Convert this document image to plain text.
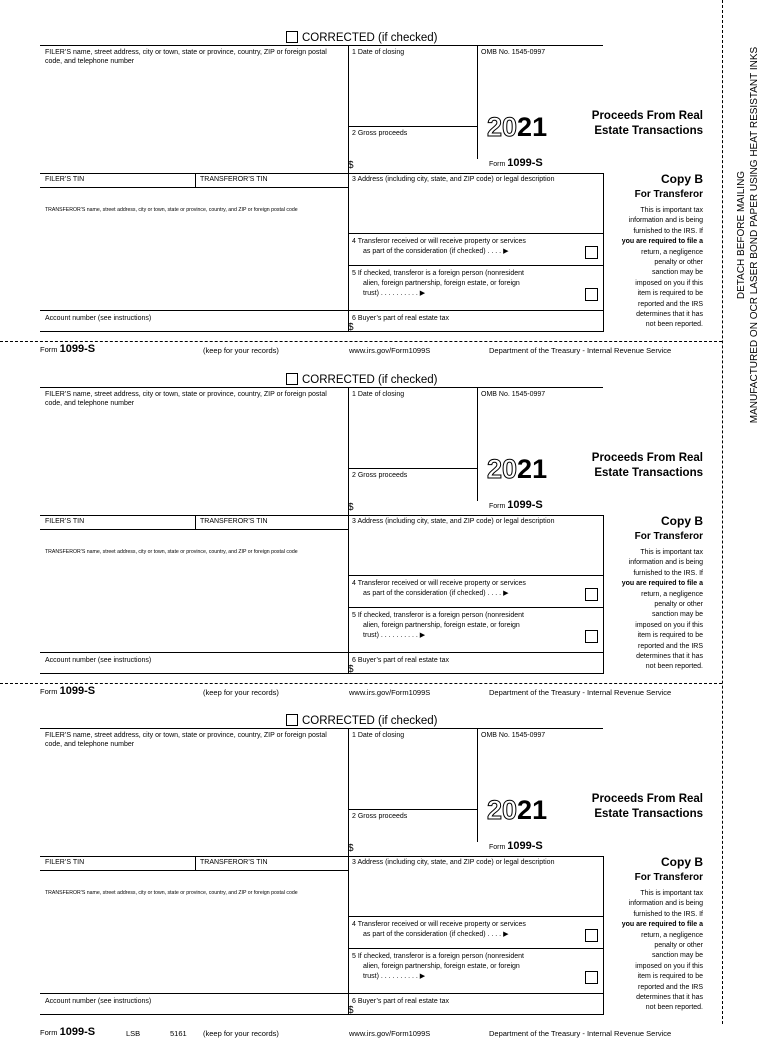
DETACH BEFORE MAILING MANUFACTURED ON OCR LASER BOND PAPER USING HEAT RESISTANT INKS
CORRECTED (if checked)
FILER’S name, street address, city or town, state or province, country, ZIP or foreign postal code, and telephone number
1 Date of closing	OMB No. 1545-0997
2 Gross proceeds
$
FILER’S TIN	TRANSFEROR’S TIN	3 Address (including city, state, and ZIP code) or legal description
TRANSFEROR’S name, street address, city or town, state or province, country, and ZIP or foreign postal code
4 Transferor received or will receive property or services
as part of the consideration (if checked) . . . . ▶
5 If checked, transferor is a foreign person (nonresident
alien, foreign partnership, foreign estate, or foreign
trust) . . . . . . . . . . ▶
Account number (see instructions)	6 Buyer’s part of real estate tax
$
2021
Form 1099-S
Proceeds From Real
Estate Transactions
Copy B
For Transferor
This is important tax
information and is being
furnished to the IRS. If
you are required to file a
return, a negligence
penalty or other
sanction may be
imposed on you if this
item is required to be
reported and the IRS
determines that it has
not been reported.
Form 1099-S	(keep for your records)	www.irs.gov/Form1099S	Department of the Treasury - Internal Revenue Service
CORRECTED (if checked)
FILER’S name, street address, city or town, state or province, country, ZIP or foreign postal code, and telephone number
1 Date of closing	OMB No. 1545-0997
2 Gross proceeds
$
FILER’S TIN	TRANSFEROR’S TIN	3 Address (including city, state, and ZIP code) or legal description
TRANSFEROR’S name, street address, city or town, state or province, country, and ZIP or foreign postal code
4 Transferor received or will receive property or services
as part of the consideration (if checked) . . . . ▶
5 If checked, transferor is a foreign person (nonresident
alien, foreign partnership, foreign estate, or foreign
trust) . . . . . . . . . . ▶
Account number (see instructions)	6 Buyer’s part of real estate tax
$
2021
Form 1099-S
Proceeds From Real
Estate Transactions
Copy B
For Transferor
This is important tax
information and is being
furnished to the IRS. If
you are required to file a
return, a negligence
penalty or other
sanction may be
imposed on you if this
item is required to be
reported and the IRS
determines that it has
not been reported.
Form 1099-S	(keep for your records)	www.irs.gov/Form1099S	Department of the Treasury - Internal Revenue Service
CORRECTED (if checked)
FILER’S name, street address, city or town, state or province, country, ZIP or foreign postal code, and telephone number
1 Date of closing	OMB No. 1545-0997
2 Gross proceeds
$
FILER’S TIN	TRANSFEROR’S TIN	3 Address (including city, state, and ZIP code) or legal description
TRANSFEROR’S name, street address, city or town, state or province, country, and ZIP or foreign postal code
4 Transferor received or will receive property or services
as part of the consideration (if checked) . . . . ▶
5 If checked, transferor is a foreign person (nonresident
alien, foreign partnership, foreign estate, or foreign
trust) . . . . . . . . . . ▶
Account number (see instructions)	6 Buyer’s part of real estate tax
$
2021
Form 1099-S
Proceeds From Real
Estate Transactions
Copy B
For Transferor
This is important tax
information and is being
furnished to the IRS. If
you are required to file a
return, a negligence
penalty or other
sanction may be
imposed on you if this
item is required to be
reported and the IRS
determines that it has
not been reported.
Form 1099-S	LSB	5161 (keep for your records)	www.irs.gov/Form1099S	Department of the Treasury - Internal Revenue Service
